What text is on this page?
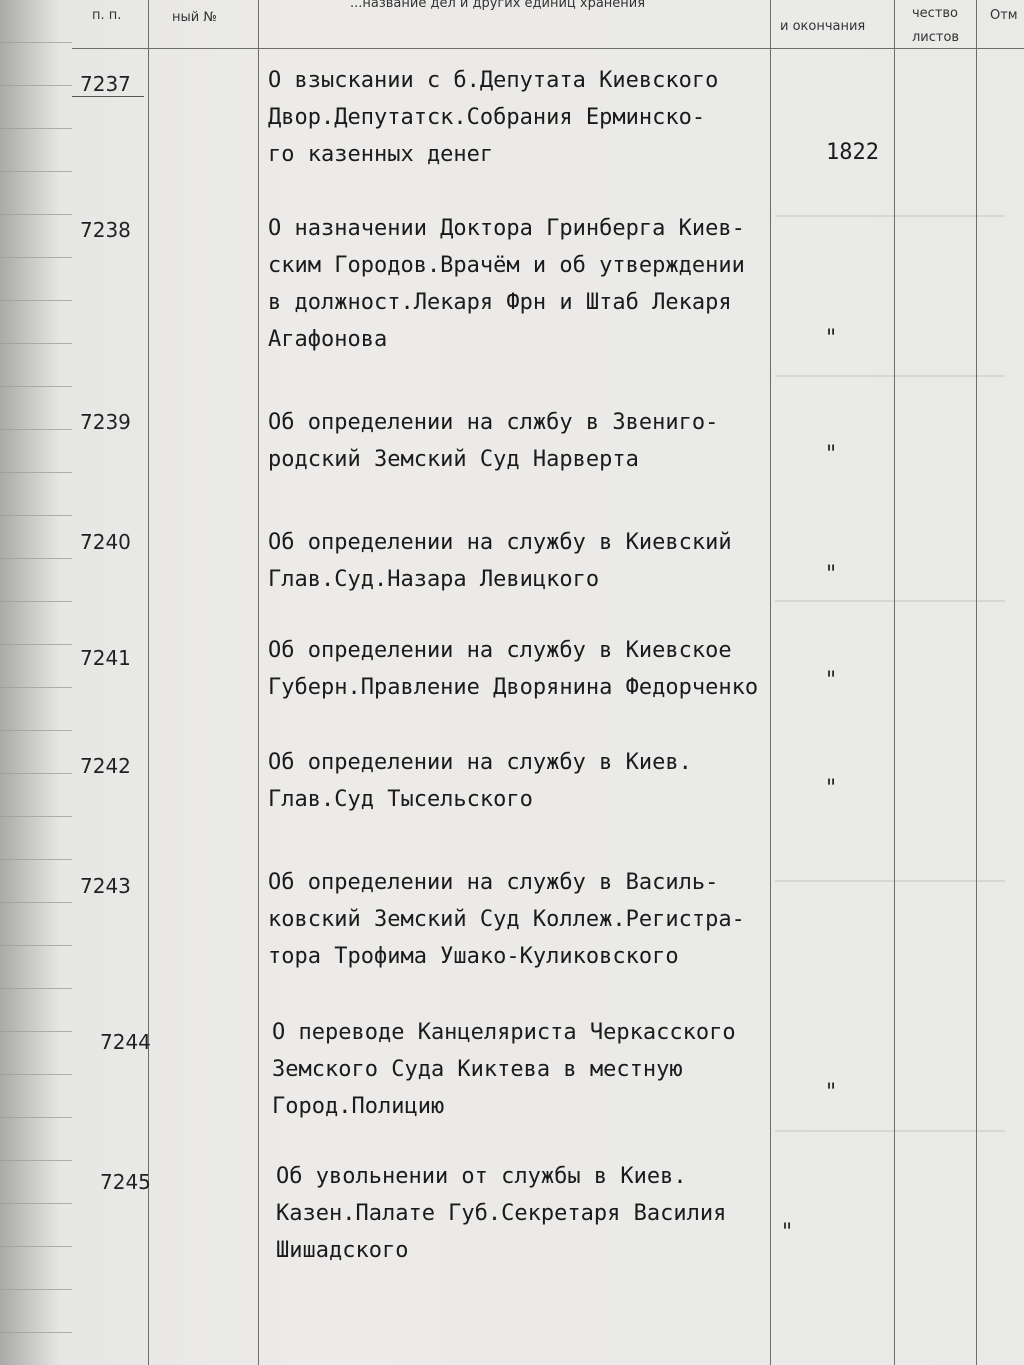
п. п.	ный №
...название дел и других единиц хранения
и окончания
чество
листов
Отм
7237	О взыскании с б.Депутата Киевского
Двор.Депутатск.Собрания Ерминско-
го казенных денег	1822
7238	О назначении Доктора Гринберга Киев-
ским Городов.Врачём и об утверждении
в должност.Лекаря Фрн и Штаб Лекаря
Агафонова	"
7239	Об определении на слжбу в Звениго-
родский Земский Суд Нарверта	"
7240	Об определении на службу в Киевский
Глав.Суд.Назара Левицкого	"
7241	Об определении на службу в Киевское
Губерн.Правление Дворянина Федорченко	"
7242	Об определении на службу в Киев.
Глав.Суд Тысельского	"
7243	Об определении на службу в Василь-
ковский Земский Суд Коллеж.Регистра-
тора Трофима Ушако-Куликовского
7244	О переводе Канцеляриста Черкасского
Земского Суда Киктева в местную
Город.Полицию
"
7245	Об увольнении от службы в Киев.
Казен.Палате Губ.Секретаря Василия
Шишадского
"
